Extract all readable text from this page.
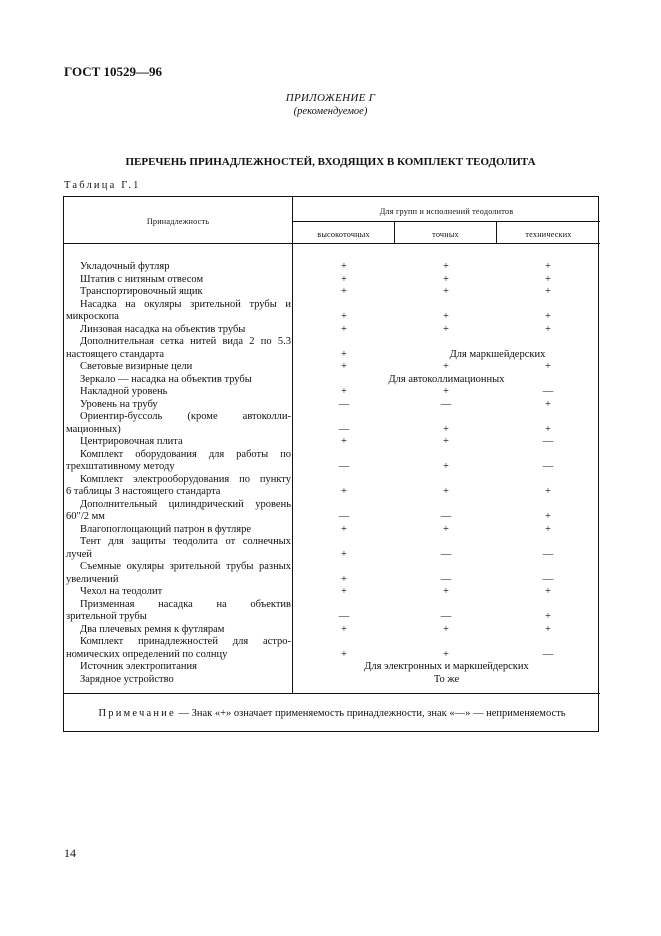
ГОСТ 10529—96
ПРИЛОЖЕНИЕ Г
(рекомендуемое)
ПЕРЕЧЕНЬ ПРИНАДЛЕЖНОСТЕЙ, ВХОДЯЩИХ В КОМПЛЕКТ ТЕОДОЛИТА
Таблица Г.1
Принадлежность
Для групп и исполнений теодолитов
высокоточных	точных	технических
Укладочный футляр	+	+	+
Штатив с нитяным отвесом	+	+	+
Транспортировочный ящик	+	+	+
Насадка на окуляры зрительной трубы и
микроскопа	+	+	+
Линзовая насадка на объектив трубы	+	+	+
Дополнительная сетка нитей вида 2 по 5.3
настоящего стандарта	+	Для маркшейдерских
Световые визирные цели	+	+	+
Зеркало — насадка на объектив трубы	Для автоколлимационных
Накладной уровень	+	+	—
Уровень на трубу	—	—	+
Ориентир-буссоль (кроме автоколли-
мационных)	—	+	+
Центрировочная плита	+	+	—
Комплект оборудования для работы по
трехштативному методу	—	+	—
Комплект электрооборудования по пункту
6 таблицы 3 настоящего стандарта	+	+	+
Дополнительный цилиндрический уровень
60″/2 мм	—	—	+
Влагопоглощающий патрон в футляре	+	+	+
Тент для защиты теодолита от солнечных
лучей	+	—	—
Съемные окуляры зрительной трубы разных
увеличений	+	—	—
Чехол на теодолит	+	+	+
Призменная насадка на объектив
зрительной трубы	—	—	+
Два плечевых ремня к футлярам	+	+	+
Комплект принадлежностей для астро-
номических определений по солнцу	+	+	—
Источник электропитания	Для электронных и маркшейдерских
Зарядное устройство	То же
Примечание — Знак «+» означает применяемость принадлежности, знак «—» — неприменяемость
14
